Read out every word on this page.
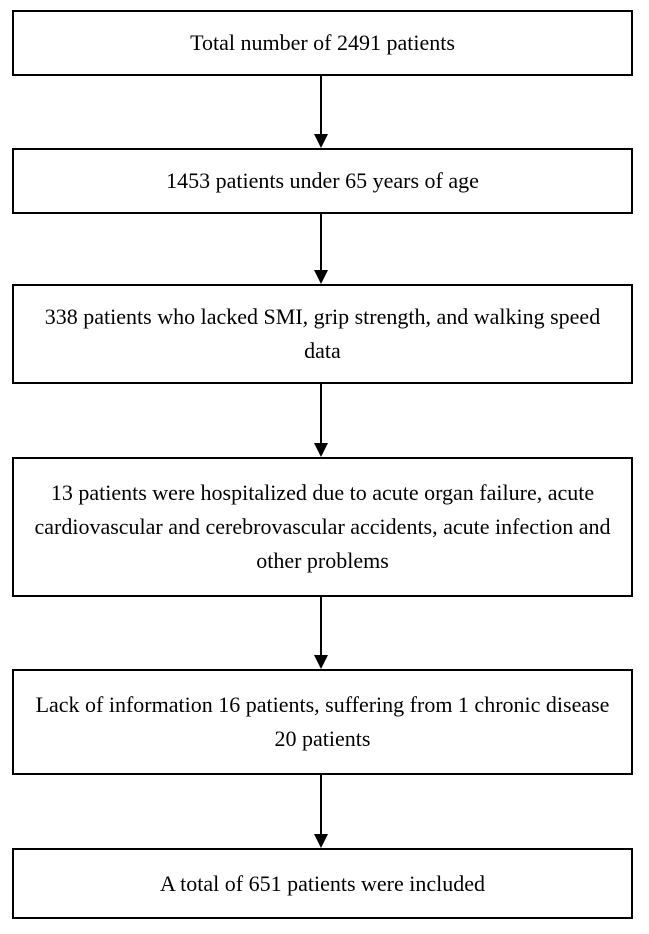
Total number of 2491 patients
1453 patients under 65 years of age
338 patients who lacked SMI, grip strength, and walking speed data
13 patients were hospitalized due to acute organ failure, acute cardiovascular and cerebrovascular accidents, acute infection and other problems
Lack of information 16 patients, suffering from 1 chronic disease 20 patients
A total of 651 patients were included
